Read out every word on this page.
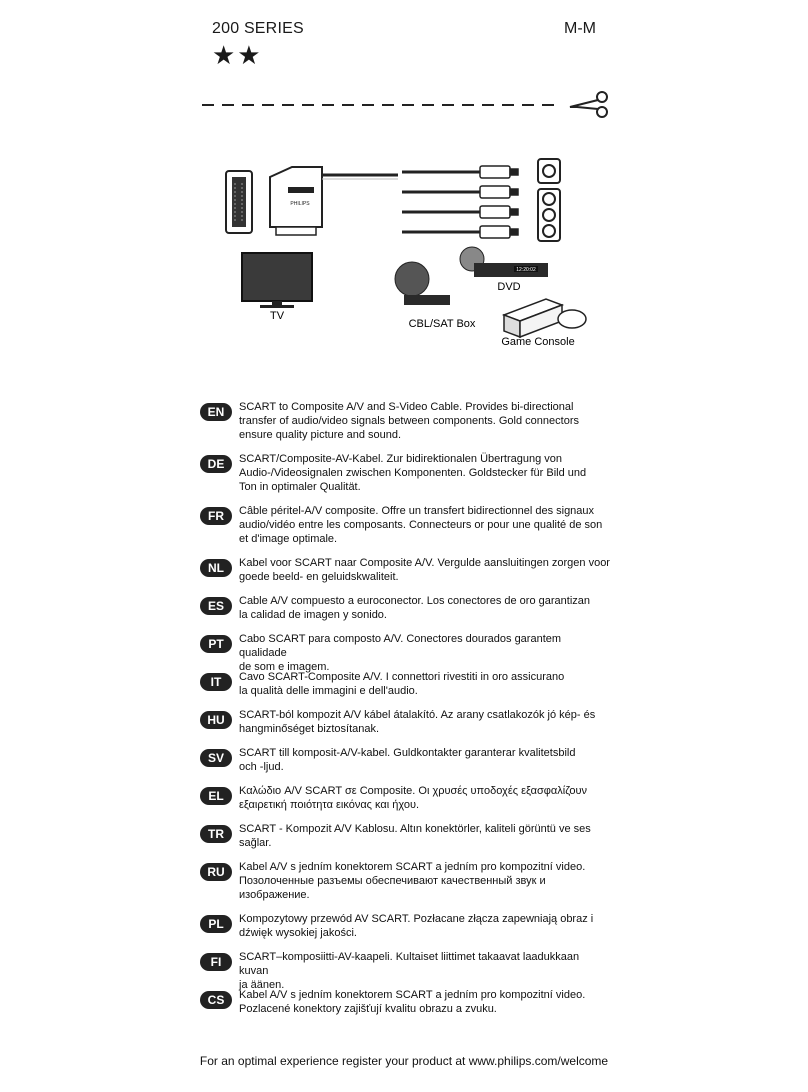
200 SERIES	M-M
★★
PHILIPS
TV
12:20:02
DVD
CBL/SAT Box
Game Console
EN	SCART to Composite A/V and S-Video Cable. Provides bi-directional
transfer of audio/video signals between components. Gold connectors
ensure quality picture and sound.
DE	SCART/Composite-AV-Kabel. Zur bidirektionalen Übertragung von
Audio-/Videosignalen zwischen Komponenten. Goldstecker für Bild und
Ton in optimaler Qualität.
FR	Câble péritel-A/V composite. Offre un transfert bidirectionnel des signaux
audio/vidéo entre les composants. Connecteurs or pour une qualité de son
et d'image optimale.
NL	Kabel voor SCART naar Composite A/V. Vergulde aansluitingen zorgen voor
goede beeld- en geluidskwaliteit.
ES	Cable A/V compuesto a euroconector. Los conectores de oro garantizan
la calidad de imagen y sonido.
PT	Cabo SCART para composto A/V. Conectores dourados garantem qualidade
de som e imagem.
IT	Cavo SCART-Composite A/V. I connettori rivestiti in oro assicurano
la qualità delle immagini e dell'audio.
HU	SCART-ból kompozit A/V kábel átalakító. Az arany csatlakozók jó kép- és
hangminőséget biztosítanak.
SV	SCART till komposit-A/V-kabel. Guldkontakter garanterar kvalitetsbild
och -ljud.
EL	Καλώδιο A/V SCART σε Composite. Οι χρυσές υποδοχές εξασφαλίζουν
εξαιρετική ποιότητα εικόνας και ήχου.
TR	SCART - Kompozit A/V Kablosu. Altın konektörler, kaliteli görüntü ve ses
sağlar.
RU	Kabel A/V s jedním konektorem SCART a jedním pro kompozitní video.
Позолоченные разъемы обеспечивают качественный звук и
изображение.
PL	Kompozytowy przewód AV SCART. Pozłacane złącza zapewniają obraz i
dźwięk wysokiej jakości.
FI	SCART–komposiitti-AV-kaapeli. Kultaiset liittimet takaavat laadukkaan kuvan
ja äänen.
CS	Kabel A/V s jedním konektorem SCART a jedním pro kompozitní video.
Pozlacené konektory zajišťují kvalitu obrazu a zvuku.
For an optimal experience register your product at www.philips.com/welcome
